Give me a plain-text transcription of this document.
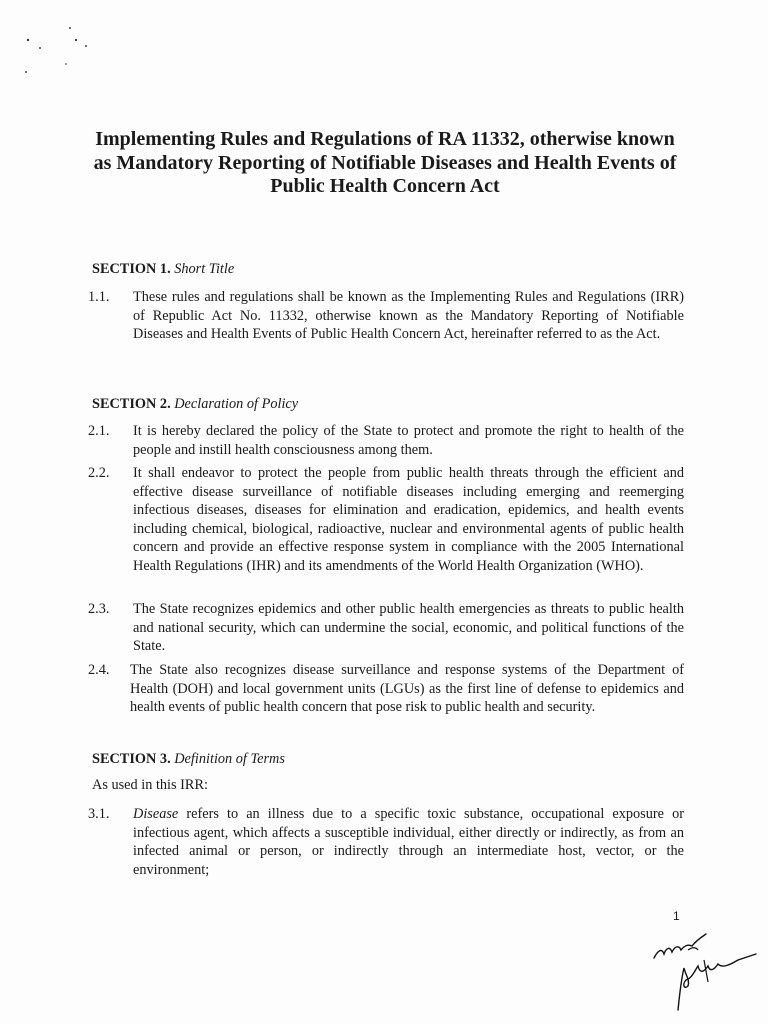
Implementing Rules and Regulations of RA 11332, otherwise known
as Mandatory Reporting of Notifiable Diseases and Health Events of
Public Health Concern Act
SECTION 1. Short Title
1.1. These rules and regulations shall be known as the Implementing Rules and Regulations (IRR) of Republic Act No. 11332, otherwise known as the Mandatory Reporting of Notifiable Diseases and Health Events of Public Health Concern Act, hereinafter referred to as the Act.
SECTION 2. Declaration of Policy
2.1. It is hereby declared the policy of the State to protect and promote the right to health of the people and instill health consciousness among them.
2.2. It shall endeavor to protect the people from public health threats through the efficient and effective disease surveillance of notifiable diseases including emerging and reemerging infectious diseases, diseases for elimination and eradication, epidemics, and health events including chemical, biological, radioactive, nuclear and environmental agents of public health concern and provide an effective response system in compliance with the 2005 International Health Regulations (IHR) and its amendments of the World Health Organization (WHO).
2.3. The State recognizes epidemics and other public health emergencies as threats to public health and national security, which can undermine the social, economic, and political functions of the State.
2.4. The State also recognizes disease surveillance and response systems of the Department of Health (DOH) and local government units (LGUs) as the first line of defense to epidemics and health events of public health concern that pose risk to public health and security.
SECTION 3. Definition of Terms
As used in this IRR:
3.1. Disease refers to an illness due to a specific toxic substance, occupational exposure or infectious agent, which affects a susceptible individual, either directly or indirectly, as from an infected animal or person, or indirectly through an intermediate host, vector, or the environment;
1
